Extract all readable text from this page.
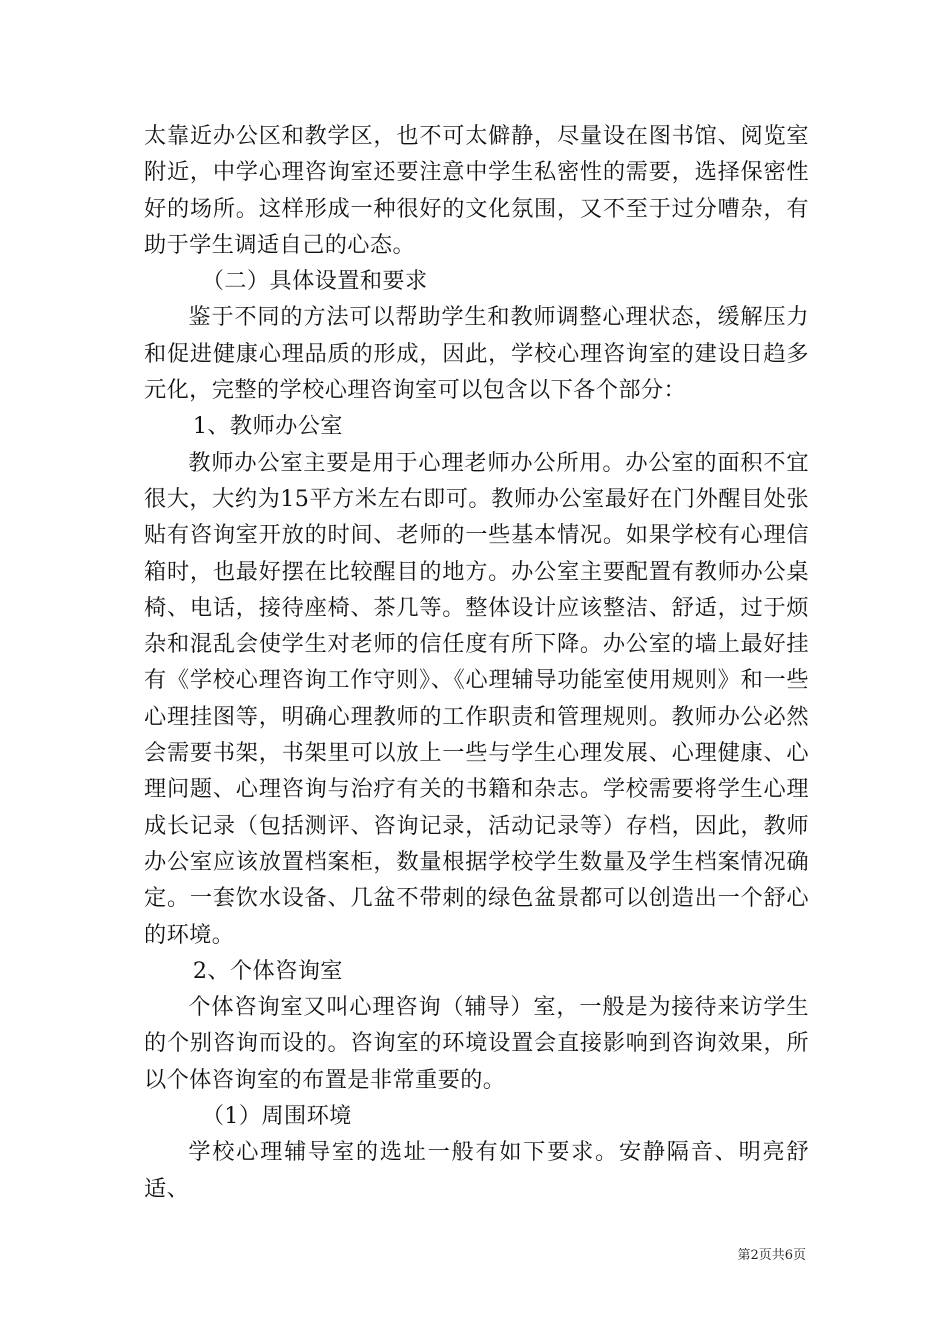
太靠近办公区和教学区，也不可太僻静，尽量设在图书馆、阅览室附近，中学心理咨询室还要注意中学生私密性的需要，选择保密性好的场所。这样形成一种很好的文化氛围，又不至于过分嘈杂，有助于学生调适自己的心态。

（二）具体设置和要求

鉴于不同的方法可以帮助学生和教师调整心理状态，缓解压力和促进健康心理品质的形成，因此，学校心理咨询室的建设日趋多元化，完整的学校心理咨询室可以包含以下各个部分：

1、教师办公室

教师办公室主要是用于心理老师办公所用。办公室的面积不宜很大，大约为15平方米左右即可。教师办公室最好在门外醒目处张贴有咨询室开放的时间、老师的一些基本情况。如果学校有心理信箱时，也最好摆在比较醒目的地方。办公室主要配置有教师办公桌椅、电话，接待座椅、茶几等。整体设计应该整洁、舒适，过于烦杂和混乱会使学生对老师的信任度有所下降。办公室的墙上最好挂有《学校心理咨询工作守则》、《心理辅导功能室使用规则》和一些心理挂图等，明确心理教师的工作职责和管理规则。教师办公必然会需要书架，书架里可以放上一些与学生心理发展、心理健康、心理问题、心理咨询与治疗有关的书籍和杂志。学校需要将学生心理成长记录（包括测评、咨询记录，活动记录等）存档，因此，教师办公室应该放置档案柜，数量根据学校学生数量及学生档案情况确定。一套饮水设备、几盆不带刺的绿色盆景都可以创造出一个舒心的环境。

2、个体咨询室

个体咨询室又叫心理咨询（辅导）室，一般是为接待来访学生的个别咨询而设的。咨询室的环境设置会直接影响到咨询效果，所以个体咨询室的布置是非常重要的。

（1）周围环境

学校心理辅导室的选址一般有如下要求。安静隔音、明亮舒适、

第2页共6页
